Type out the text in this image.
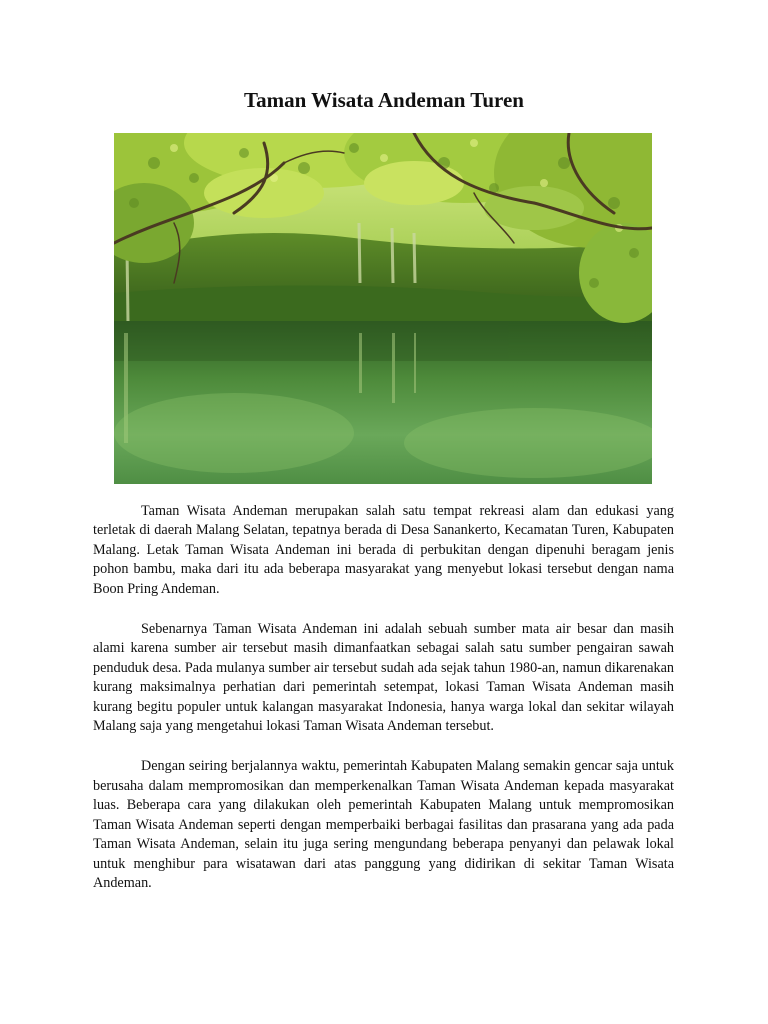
Taman Wisata Andeman Turen

Taman Wisata Andeman merupakan salah satu tempat rekreasi alam dan edukasi yang terletak di daerah Malang Selatan, tepatnya berada di Desa Sanankerto, Kecamatan Turen, Kabupaten Malang. Letak Taman Wisata Andeman ini berada di perbukitan dengan dipenuhi beragam jenis pohon bambu, maka dari itu ada beberapa masyarakat yang menyebut lokasi tersebut dengan nama Boon Pring Andeman.

Sebenarnya Taman Wisata Andeman ini adalah sebuah sumber mata air besar dan masih alami karena sumber air tersebut masih dimanfaatkan sebagai salah satu sumber pengairan sawah penduduk desa. Pada mulanya sumber air tersebut sudah ada sejak tahun 1980-an, namun dikarenakan kurang maksimalnya perhatian dari pemerintah setempat, lokasi Taman Wisata Andeman masih kurang begitu populer untuk kalangan masyarakat Indonesia, hanya warga lokal dan sekitar wilayah Malang saja yang mengetahui lokasi Taman Wisata Andeman tersebut.

Dengan seiring berjalannya waktu, pemerintah Kabupaten Malang semakin gencar saja untuk berusaha dalam mempromosikan dan memperkenalkan Taman Wisata Andeman kepada masyarakat luas. Beberapa cara yang dilakukan oleh pemerintah Kabupaten Malang untuk mempromosikan Taman Wisata Andeman seperti dengan memperbaiki berbagai fasilitas dan prasarana yang ada pada Taman Wisata Andeman, selain itu juga sering mengundang beberapa penyanyi dan pelawak lokal untuk menghibur para wisatawan dari atas panggung yang didirikan di sekitar Taman Wisata Andeman.
